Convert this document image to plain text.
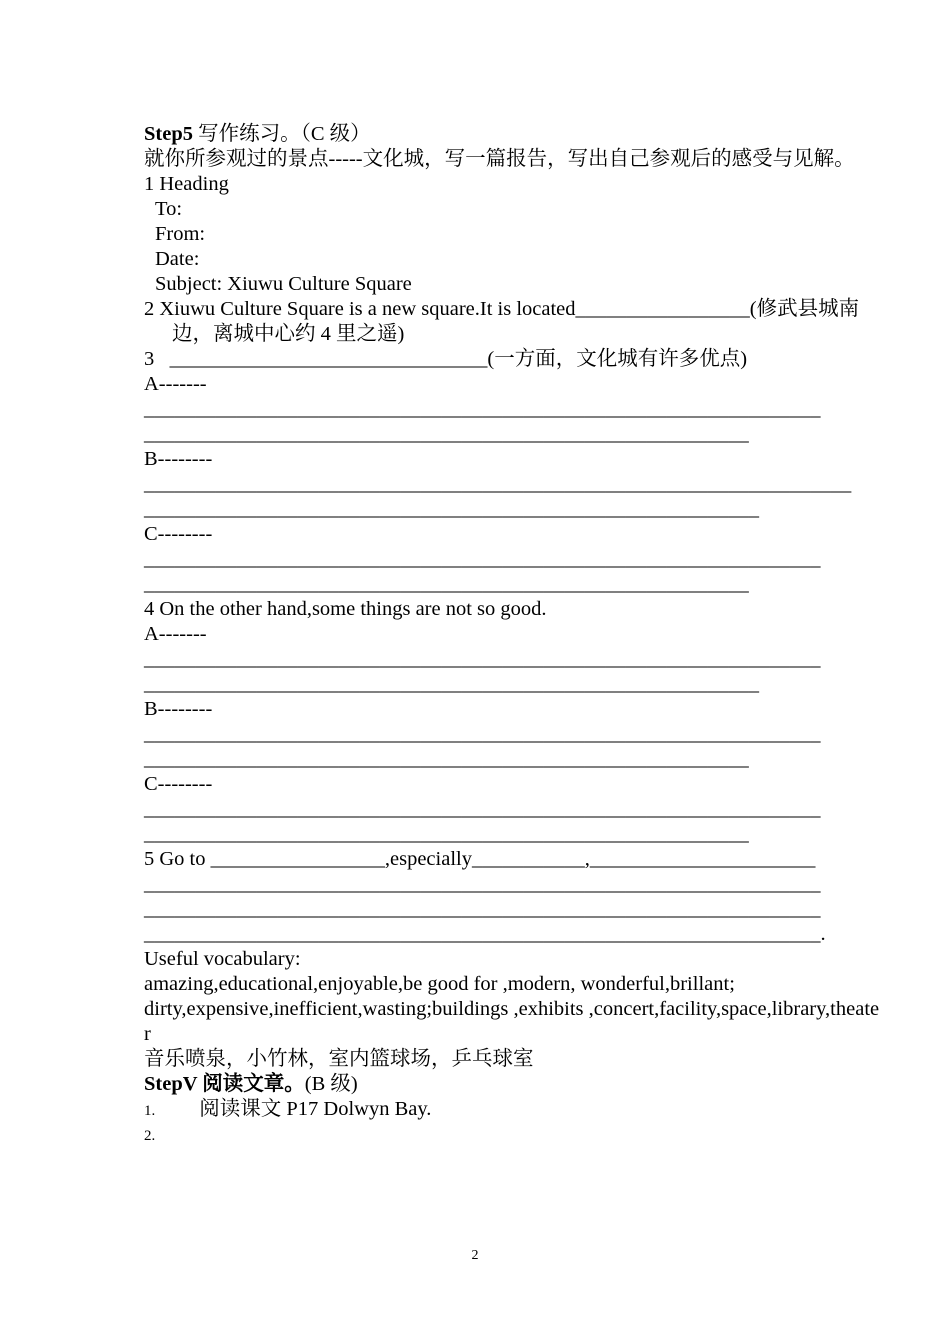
Step5 写作练习。（C 级）
就你所参观过的景点-----文化城，写一篇报告，写出自己参观后的感受与见解。
1 Heading
To:
From:
Date:
Subject: Xiuwu Culture Square
2 Xiuwu Culture Square is a new square.It is located_________________(修武县城南边，离城中心约 4 里之遥)
3   _______________________________(一方面，文化城有许多优点)
A-------
__________________________________________________________________
___________________________________________________________
B--------
_____________________________________________________________________
____________________________________________________________
C--------
__________________________________________________________________
___________________________________________________________
4 On the other hand,some things are not so good.
A-------
__________________________________________________________________
____________________________________________________________
B--------
__________________________________________________________________
___________________________________________________________
C--------
__________________________________________________________________
___________________________________________________________
5 Go to _________________,especially___________,______________________
__________________________________________________________________
__________________________________________________________________
__________________________________________________________________.
Useful vocabulary:
amazing,educational,enjoyable,be good for ,modern, wonderful,brillant;
dirty,expensive,inefficient,wasting;buildings ,exhibits ,concert,facility,space,library,theater
音乐喷泉，小竹林，室内篮球场，乒乓球室
StepV 阅读文章。(B 级)
1. 阅读课文 P17 Dolwyn Bay.
2.
2
